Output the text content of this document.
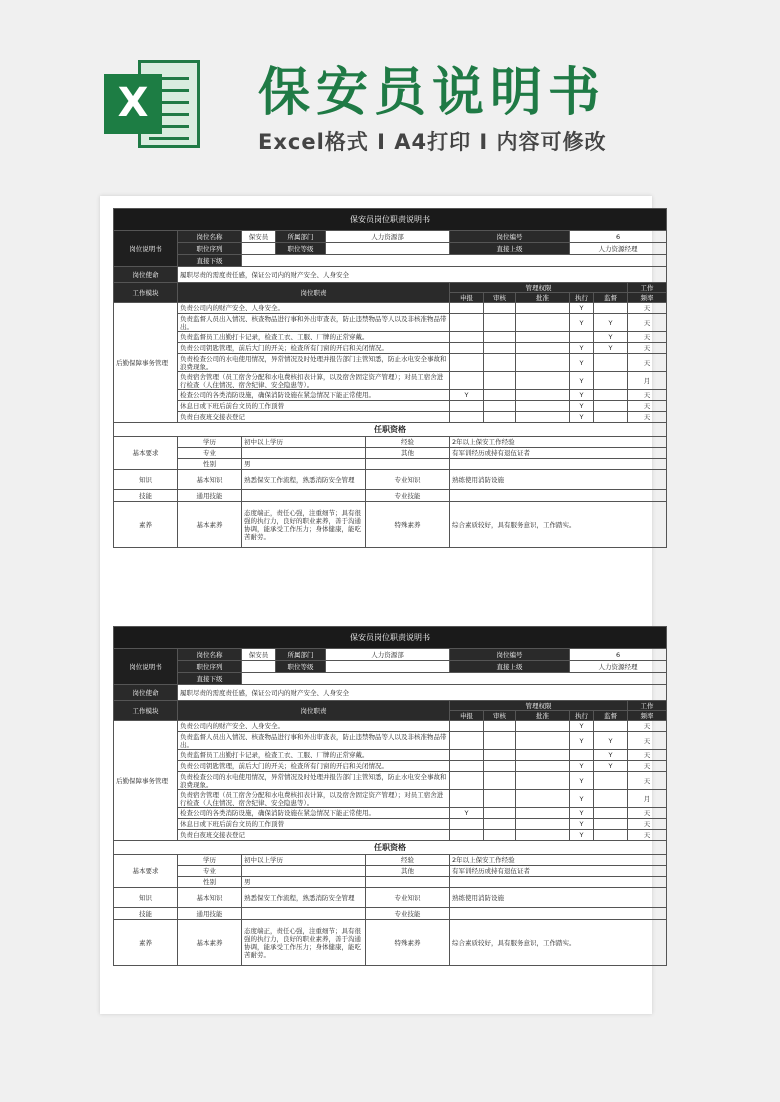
X 保安员说明书
Excel格式 I A4打印 I 内容可修改
保安员岗位职责说明书											
岗位说明书	岗位名称	保安员	所属部门	人力资源部		岗位编号			6		
	职位序列		职位等级			直接上级			人力资源经理		
	直接下级										
岗位使命	履职尽责的需度责任感，保证公司内的财产安全、人身安全										
工作模块	岗位职责					管理权限					工作
						申报	审核	批准	执行	监督	频率
后勤保障事务管理	负责公司内的财产安全、人身安全。								Y		天
	负责监督人员出入情况、核查物品进行事和外出审查表，防止违禁物品等人以及非核准物品带出。								Y	Y	天
	负责监督员工出勤打卡记录，检查工衣、工服、厂牌的正常穿戴。									Y	天
	负责公司钥匙管理，前后大门的开关；检查所有门窗的开启和关闭情况。								Y	Y	天
	负责检查公司的水电使用情况，异常情况及时处理并报告部门主管知悉，防止水电安全事故和浪费现象。								Y		天
	负责宿舍管理（员工宿舍分配和水电费核扣表计算，以及宿舍固定资产管理）；对员工宿舍进行检查（人住情况、宿舍纪律、安全隐患等）。								Y		月
	检查公司的各类消防设施，确保消防设施在紧急情况下能正常使用。					Y			Y		天
	休息日或下班后前台文员的工作顶替								Y		天
	负责白夜班交接表登记								Y		天
任职资格											
基本要求	学历	初中以上学历			经验	2年以上保安工作经验					
	专业				其他	有军训经历或持有退伍证者					
	性别	男									
知识	基本知识	熟悉保安工作流程，熟悉消防安全管理			专业知识	熟练使用消防设施					
技能	通用技能				专业技能						
素养	基本素养	态度端正，责任心强，注重细节；具有很强的执行力，良好的职业素养，善于沟通协调，能承受工作压力；身体健康，能吃苦耐劳。			特殊素养	综合素质较好，具有服务意识，工作踏实。					
保安员岗位职责说明书											
岗位说明书	岗位名称	保安员	所属部门	人力资源部		岗位编号			6		
	职位序列		职位等级			直接上级			人力资源经理		
	直接下级										
岗位使命	履职尽责的需度责任感，保证公司内的财产安全、人身安全										
工作模块	岗位职责					管理权限					工作
						申报	审核	批准	执行	监督	频率
后勤保障事务管理	负责公司内的财产安全、人身安全。								Y		天
	负责监督人员出入情况、核查物品进行事和外出审查表，防止违禁物品等人以及非核准物品带出。								Y	Y	天
	负责监督员工出勤打卡记录，检查工衣、工服、厂牌的正常穿戴。									Y	天
	负责公司钥匙管理，前后大门的开关；检查所有门窗的开启和关闭情况。								Y	Y	天
	负责检查公司的水电使用情况，异常情况及时处理并报告部门主管知悉，防止水电安全事故和浪费现象。								Y		天
	负责宿舍管理（员工宿舍分配和水电费核扣表计算，以及宿舍固定资产管理）；对员工宿舍进行检查（人住情况、宿舍纪律、安全隐患等）。								Y		月
	检查公司的各类消防设施，确保消防设施在紧急情况下能正常使用。					Y			Y		天
	休息日或下班后前台文员的工作顶替								Y		天
	负责白夜班交接表登记								Y		天
任职资格											
基本要求	学历	初中以上学历			经验	2年以上保安工作经验					
	专业				其他	有军训经历或持有退伍证者					
	性别	男									
知识	基本知识	熟悉保安工作流程，熟悉消防安全管理			专业知识	熟练使用消防设施					
技能	通用技能				专业技能						
素养	基本素养	态度端正，责任心强，注重细节；具有很强的执行力，良好的职业素养，善于沟通协调，能承受工作压力；身体健康，能吃苦耐劳。			特殊素养	综合素质较好，具有服务意识，工作踏实。					
